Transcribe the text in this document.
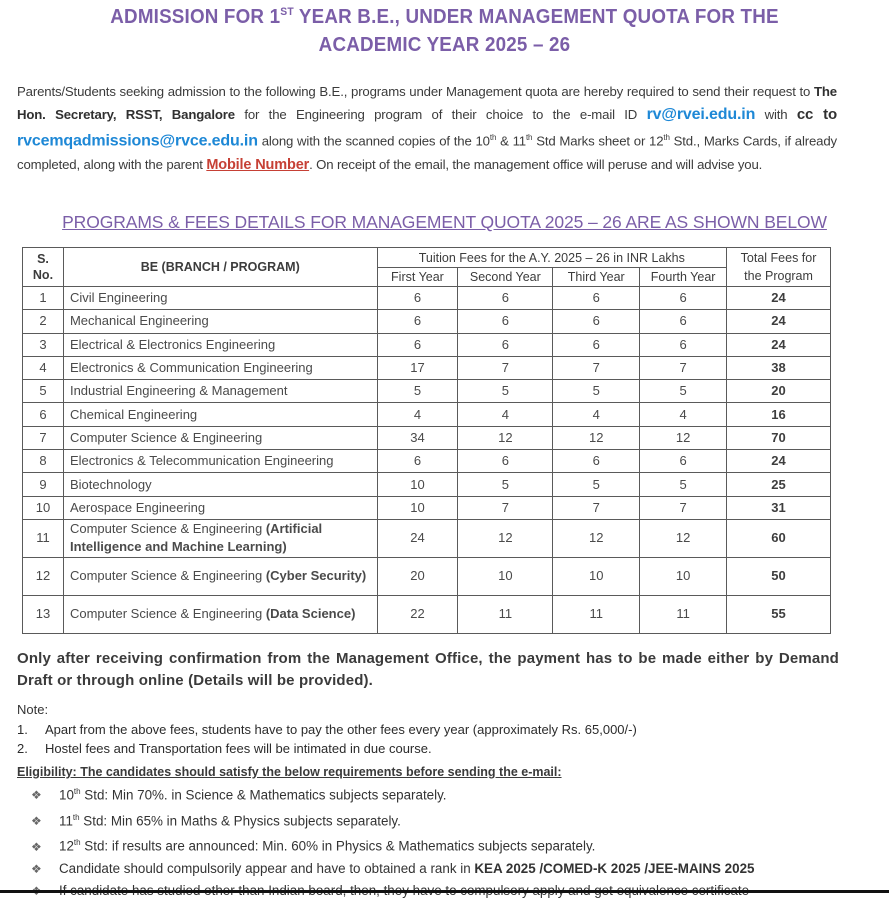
ADMISSION FOR 1ST YEAR B.E., UNDER MANAGEMENT QUOTA FOR THE
ACADEMIC YEAR 2025 – 26
Parents/Students seeking admission to the following B.E., programs under Management quota are hereby required to send their request to The Hon. Secretary, RSST, Bangalore for the Engineering program of their choice to the e-mail ID rv@rvei.edu.in with cc to rvcemqadmissions@rvce.edu.in along with the scanned copies of the 10th & 11th Std Marks sheet or 12th Std., Marks Cards, if already completed, along with the parent Mobile Number. On receipt of the email, the management office will peruse and will advise you.
PROGRAMS & FEES DETAILS FOR MANAGEMENT QUOTA 2025 – 26 ARE AS SHOWN BELOW
S. No.	BE (BRANCH / PROGRAM)	Tuition Fees for the A.Y. 2025 – 26 in INR Lakhs				Total Fees for the Program
		First Year	Second Year	Third Year	Fourth Year	
1	Civil Engineering	6	6	6	6	24
2	Mechanical Engineering	6	6	6	6	24
3	Electrical & Electronics Engineering	6	6	6	6	24
4	Electronics & Communication Engineering	17	7	7	7	38
5	Industrial Engineering & Management	5	5	5	5	20
6	Chemical Engineering	4	4	4	4	16
7	Computer Science & Engineering	34	12	12	12	70
8	Electronics & Telecommunication Engineering	6	6	6	6	24
9	Biotechnology	10	5	5	5	25
10	Aerospace Engineering	10	7	7	7	31
11	Computer Science & Engineering (Artificial Intelligence and Machine Learning)	24	12	12	12	60
12	Computer Science & Engineering (Cyber Security)	20	10	10	10	50
13	Computer Science & Engineering (Data Science)	22	11	11	11	55
Only after receiving confirmation from the Management Office, the payment has to be made either by Demand Draft or through online (Details will be provided).
Note:
1. Apart from the above fees, students have to pay the other fees every year (approximately Rs. 65,000/-)
2. Hostel fees and Transportation fees will be intimated in due course.
Eligibility: The candidates should satisfy the below requirements before sending the e-mail:
❖ 10th Std: Min 70%. in Science & Mathematics subjects separately.
❖ 11th Std: Min 65% in Maths & Physics subjects separately.
❖ 12th Std: if results are announced: Min. 60% in Physics & Mathematics subjects separately.
❖ Candidate should compulsorily appear and have to obtained a rank in KEA 2025 /COMED-K 2025 /JEE-MAINS 2025
